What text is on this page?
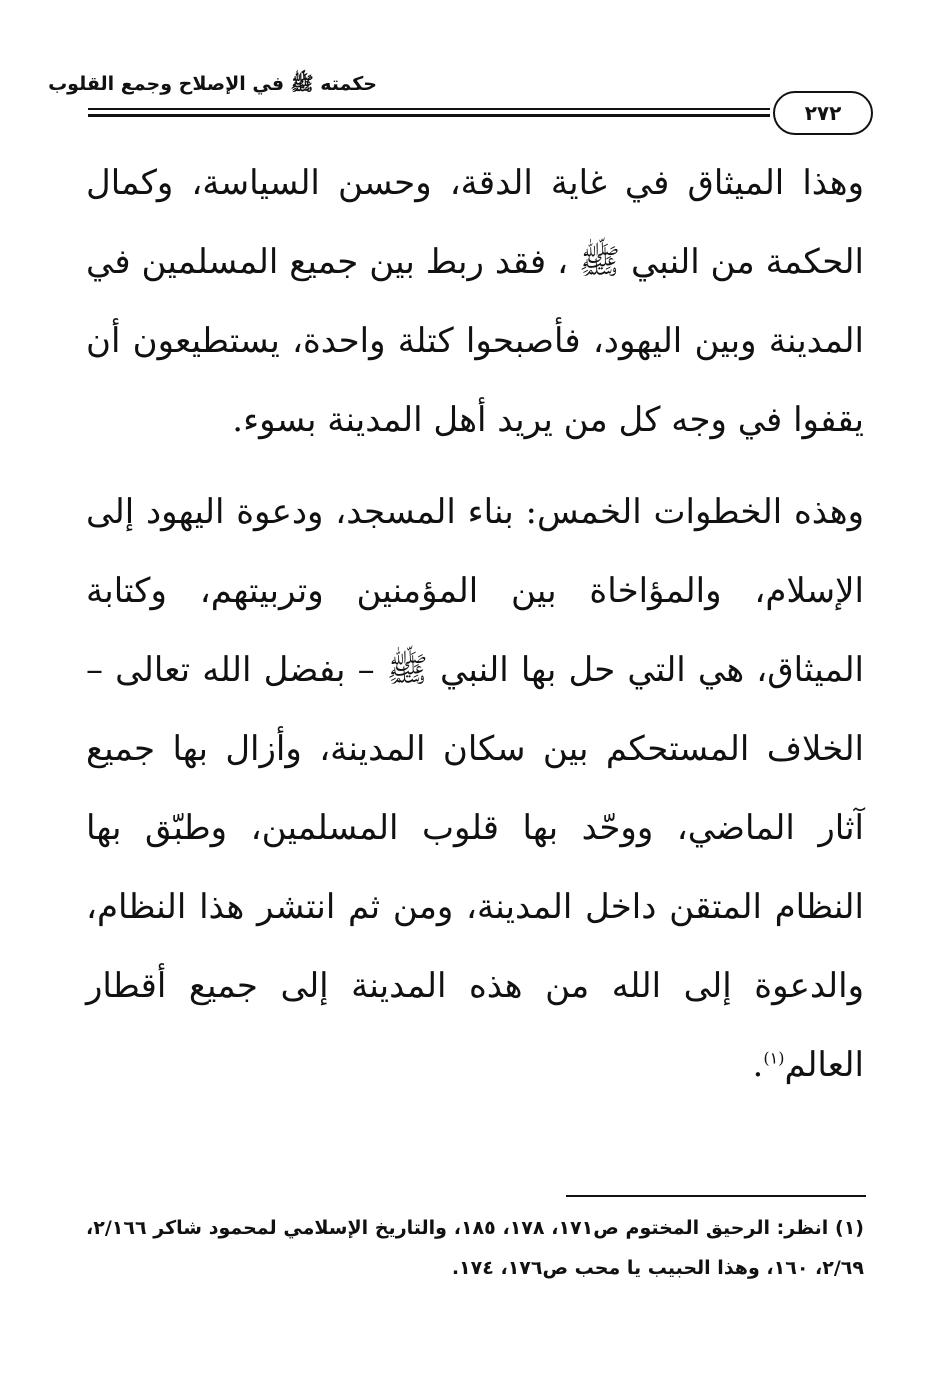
حكمته ﷺ في الإصلاح وجمع القلوب
٢٧٢

وهذا الميثاق في غاية الدقة، وحسن السياسة، وكمال الحكمة من النبي ﷺ ، فقد ربط بين جميع المسلمين في المدينة وبين اليهود، فأصبحوا كتلة واحدة، يستطيعون أن يقفوا في وجه كل من يريد أهل المدينة بسوء.

وهذه الخطوات الخمس: بناء المسجد، ودعوة اليهود إلى الإسلام، والمؤاخاة بين المؤمنين وتربيتهم، وكتابة الميثاق، هي التي حل بها النبي ﷺ – بفضل الله تعالى – الخلاف المستحكم بين سكان المدينة، وأزال بها جميع آثار الماضي، ووحّد بها قلوب المسلمين، وطبّق بها النظام المتقن داخل المدينة، ومن ثم انتشر هذا النظام، والدعوة إلى الله من هذه المدينة إلى جميع أقطار العالم$^{(١)}$.

(١) انظر: الرحيق المختوم ص١٧١، ١٧٨، ١٨٥، والتاريخ الإسلامي لمحمود شاكر ٢/١٦٦، ٢/٦٩، ١٦٠، وهذا الحبيب يا محب ص١٧٦، ١٧٤.
